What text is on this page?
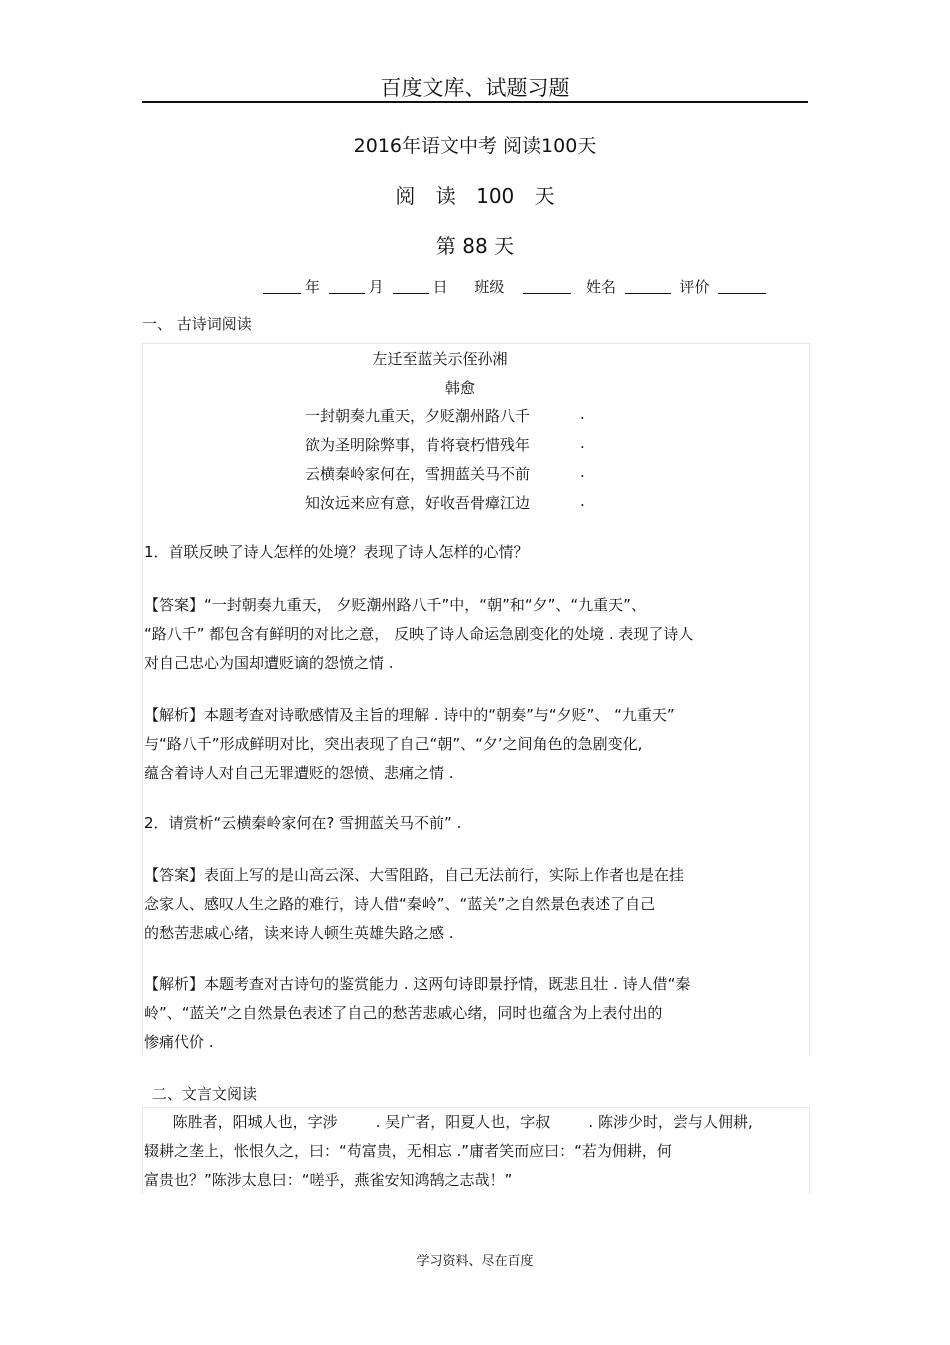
百度文库、试题习题
2016年语文中考 阅读100天
阅 读 100 天
第 88 天
年	月	日 班级	姓名	评价
一、 古诗词阅读
左迁至蓝关示侄孙湘
韩愈
一封朝奏九重天，夕贬潮州路八千	.
欲为圣明除弊事，肯将衰朽惜残年	.
云横秦岭家何在，雪拥蓝关马不前	.
知汝远来应有意，好收吾骨瘴江边	.
1．首联反映了诗人怎样的处境？表现了诗人怎样的心情？
【答案】“一封朝奏九重天， 夕贬潮州路八千”中，“朝”和“夕”、“九重天”、
“路八千” 都包含有鲜明的对比之意， 反映了诗人命运急剧变化的处境 . 表现了诗人
对自己忠心为国却遭贬谪的怨愤之情 .
【解析】本题考查对诗歌感情及主旨的理解 . 诗中的“朝奏”与“夕贬”、 “九重天”
与“路八千”形成鲜明对比，突出表现了自己“朝”、“夕’之间角色的急剧变化,
蕴含着诗人对自己无罪遭贬的怨愤、悲痛之情 .
2．请赏析“云横秦岭家何在? 雪拥蓝关马不前” .
【答案】表面上写的是山高云深、大雪阻路，自己无法前行，实际上作者也是在挂
念家人、感叹人生之路的难行，诗人借“秦岭”、“蓝关”之自然景色表述了自己
的愁苦悲戚心绪，读来诗人顿生英雄失路之感 .
【解析】本题考查对古诗句的鉴赏能力 . 这两句诗即景抒情，既悲且壮 . 诗人借“秦
岭”、“蓝关”之自然景色表述了自己的愁苦悲戚心绪，同时也蕴含为上表付出的
惨痛代价 .
二、文言文阅读
陈胜者，阳城人也，字涉        . 吴广者，阳夏人也，字叔        . 陈涉少时，尝与人佣耕,
辍耕之垄上，怅恨久之，曰：“苟富贵，无相忘 .”庸者笑而应曰：“若为佣耕，何
富贵也？”陈涉太息曰：“嗟乎，燕雀安知鸿鹄之志哉！”
学习资料、尽在百度
